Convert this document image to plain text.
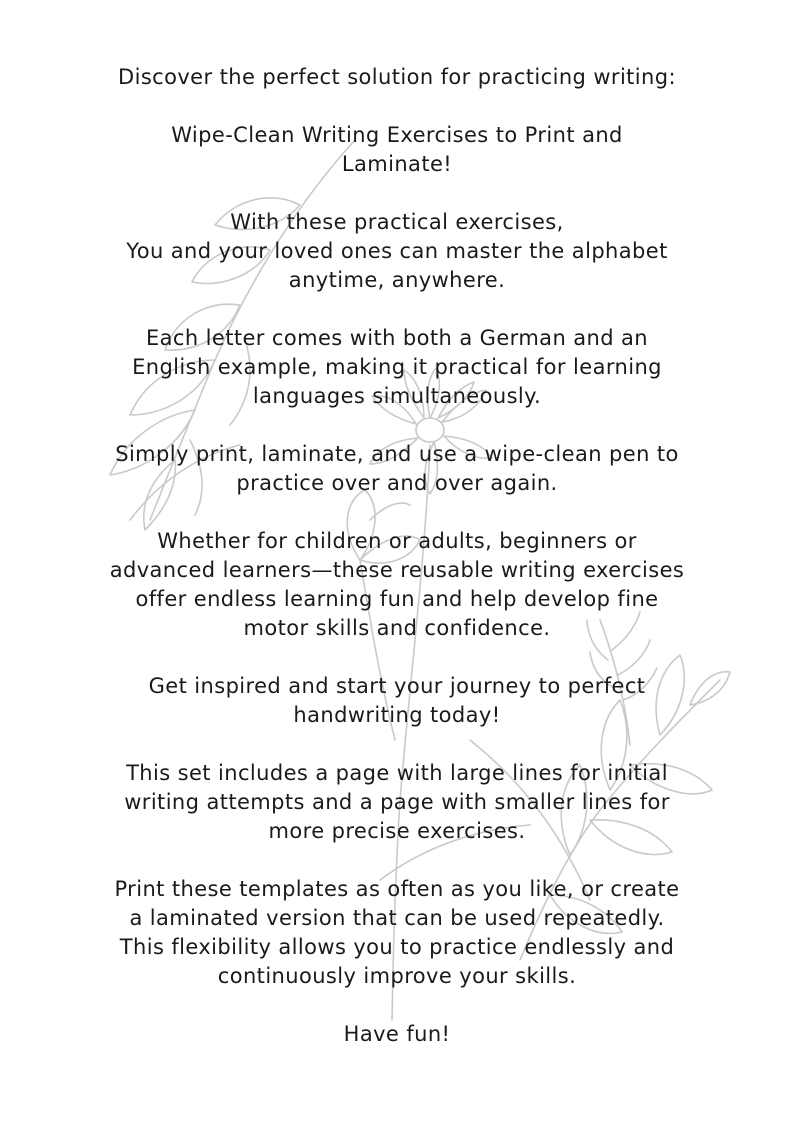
Discover the perfect solution for practicing writing:

Wipe-Clean Writing Exercises to Print and
Laminate!

With these practical exercises,
You and your loved ones can master the alphabet
anytime, anywhere.

Each letter comes with both a German and an
English example, making it practical for learning
languages simultaneously.

Simply print, laminate, and use a wipe-clean pen to
practice over and over again.

Whether for children or adults, beginners or
advanced learners—these reusable writing exercises
offer endless learning fun and help develop fine
motor skills and confidence.

Get inspired and start your journey to perfect
handwriting today!

This set includes a page with large lines for initial
writing attempts and a page with smaller lines for
more precise exercises.

Print these templates as often as you like, or create
a laminated version that can be used repeatedly.
This flexibility allows you to practice endlessly and
continuously improve your skills.

Have fun!
